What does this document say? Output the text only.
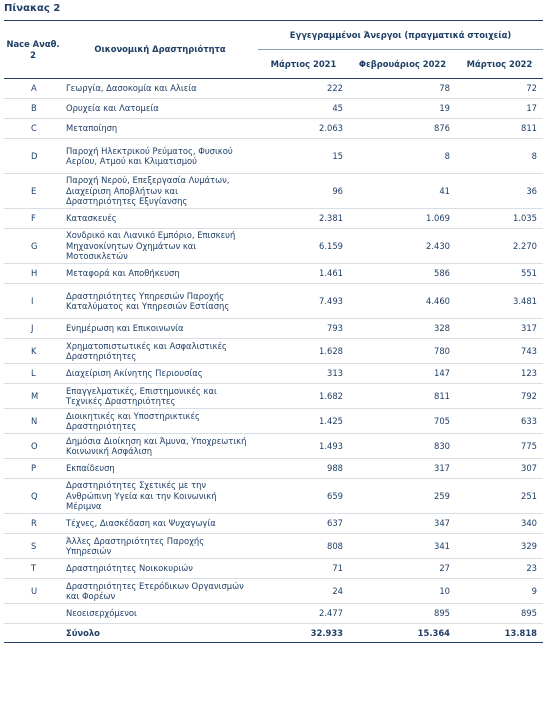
Πίνακας 2
Nace Αναθ. 2	Οικονομική Δραστηριότητα	Εγγεγραμμένοι Άνεργοι (πραγματικά στοιχεία)		
		Μάρτιος 2021	Φεβρουάριος 2022	Μάρτιος 2022
A	Γεωργία, Δασοκομία και Αλιεία	222	78	72
B	Ορυχεία και Λατομεία	45	19	17
C	Μεταποίηση	2.063	876	811
D	Παροχή Ηλεκτρικού Ρεύματος, Φυσικού Αερίου, Ατμού και Κλιματισμού	15	8	8
E	Παροχή Νερού, Επεξεργασία Λυμάτων, Διαχείριση Αποβλήτων και Δραστηριότητες Εξυγίανσης	96	41	36
F	Κατασκευές	2.381	1.069	1.035
G	Χονδρικό και Λιανικό Εμπόριο, Επισκευή Μηχανοκίνητων Οχημάτων και Μοτοσικλετών	6.159	2.430	2.270
H	Μεταφορά και Αποθήκευση	1.461	586	551
I	Δραστηριότητες Υπηρεσιών Παροχής Καταλύματος και Υπηρεσιών Εστίασης	7.493	4.460	3.481
J	Ενημέρωση και Επικοινωνία	793	328	317
K	Χρηματοπιστωτικές και Ασφαλιστικές Δραστηριότητες	1.628	780	743
L	Διαχείριση Ακίνητης Περιουσίας	313	147	123
M	Επαγγελματικές, Επιστημονικές και Τεχνικές Δραστηριότητες	1.682	811	792
N	Διοικητικές και Υποστηρικτικές Δραστηριότητες	1.425	705	633
O	Δημόσια Διοίκηση και Άμυνα, Υποχρεωτική Κοινωνική Ασφάλιση	1.493	830	775
P	Εκπαίδευση	988	317	307
Q	Δραστηριότητες Σχετικές με την Ανθρώπινη Υγεία και την Κοινωνική Μέριμνα	659	259	251
R	Τέχνες, Διασκέδαση και Ψυχαγωγία	637	347	340
S	Άλλες Δραστηριότητες Παροχής Υπηρεσιών	808	341	329
T	Δραστηριότητες Νοικοκυριών	71	27	23
U	Δραστηριότητες Ετερόδικων Οργανισμών και Φορέων	24	10	9
	Νεοεισερχόμενοι	2.477	895	895
	Σύνολο	32.933	15.364	13.818
